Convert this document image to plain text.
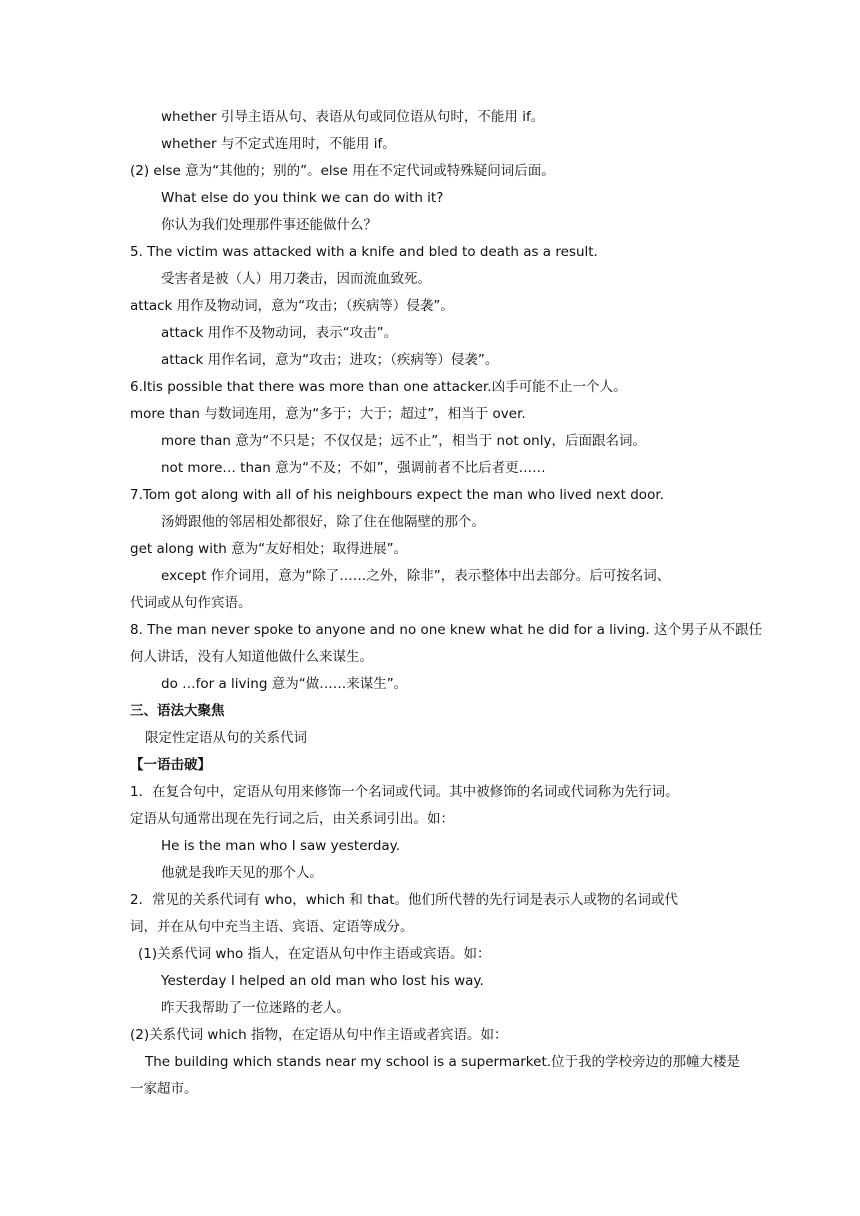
whether 引导主语从句、表语从句或同位语从句时，不能用 if。
whether 与不定式连用时，不能用 if。
(2) else 意为“其他的；别的”。else 用在不定代词或特殊疑问词后面。
What else do you think we can do with it?
你认为我们处理那件事还能做什么？
5. The victim was attacked with a knife and bled to death as a result.
受害者是被（人）用刀袭击，因而流血致死。
attack 用作及物动词，意为“攻击；（疾病等）侵袭”。
attack 用作不及物动词，表示“攻击”。
attack 用作名词，意为“攻击；进攻；（疾病等）侵袭”。
6.Itis possible that there was more than one attacker.凶手可能不止一个人。
more than 与数词连用，意为“多于；大于；超过”，相当于 over.
more than 意为“不只是；不仅仅是；远不止”，相当于 not only，后面跟名词。
not more… than 意为“不及；不如”，强调前者不比后者更……
7.Tom got along with all of his neighbours expect the man who lived next door.
汤姆跟他的邻居相处都很好，除了住在他隔壁的那个。
get along with 意为“友好相处；取得进展”。
except 作介词用，意为“除了……之外，除非”，表示整体中出去部分。后可按名词、
代词或从句作宾语。
8. The man never spoke to anyone and no one knew what he did for a living. 这个男子从不跟任
何人讲话，没有人知道他做什么来谋生。
do …for a living 意为“做……来谋生”。
三、语法大聚焦
限定性定语从句的关系代词
【一语击破】
1．在复合句中，定语从句用来修饰一个名词或代词。其中被修饰的名词或代词称为先行词。
定语从句通常出现在先行词之后，由关系词引出。如：
He is the man who I saw yesterday.
他就是我昨天见的那个人。
2．常见的关系代词有 who，which 和 that。他们所代替的先行词是表示人或物的名词或代
词，并在从句中充当主语、宾语、定语等成分。
(1)关系代词 who 指人，在定语从句中作主语或宾语。如：
Yesterday I helped an old man who lost his way.
昨天我帮助了一位迷路的老人。
(2)关系代词 which 指物，在定语从句中作主语或者宾语。如：
The building which stands near my school is a supermarket.位于我的学校旁边的那幢大楼是
一家超市。
